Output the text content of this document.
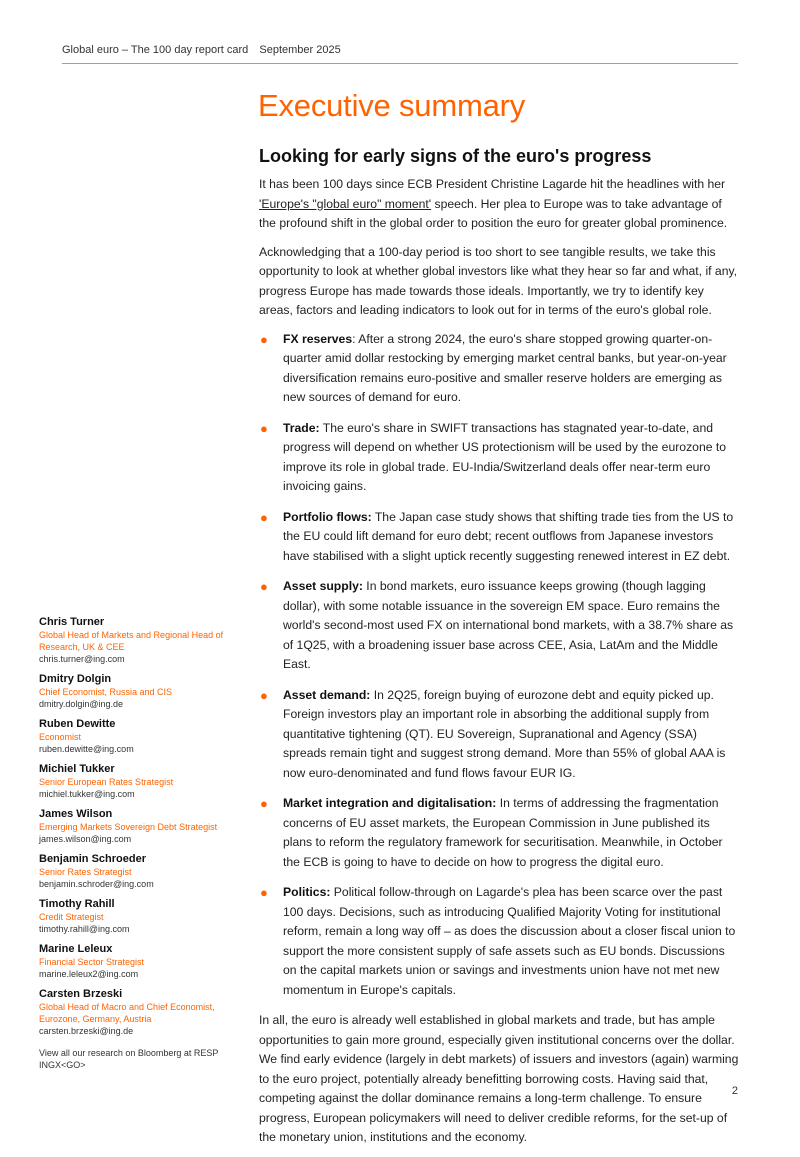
Global euro – The 100 day report card September 2025
Executive summary
Looking for early signs of the euro's progress

It has been 100 days since ECB President Christine Lagarde hit the headlines with her 'Europe's "global euro" moment' speech. Her plea to Europe was to take advantage of the profound shift in the global order to position the euro for greater global prominence.

Acknowledging that a 100-day period is too short to see tangible results, we take this opportunity to look at whether global investors like what they hear so far and what, if any, progress Europe has made towards those ideals. Importantly, we try to identify key areas, factors and leading indicators to look out for in terms of the euro's global role.

● FX reserves: After a strong 2024, the euro's share stopped growing quarter-on-quarter amid dollar restocking by emerging market central banks, but year-on-year diversification remains euro-positive and smaller reserve holders are emerging as new sources of demand for euro.
● Trade: The euro's share in SWIFT transactions has stagnated year-to-date, and progress will depend on whether US protectionism will be used by the eurozone to improve its role in global trade. EU-India/Switzerland deals offer near-term euro invoicing gains.
● Portfolio flows: The Japan case study shows that shifting trade ties from the US to the EU could lift demand for euro debt; recent outflows from Japanese investors have stabilised with a slight uptick recently suggesting renewed interest in EZ debt.
● Asset supply: In bond markets, euro issuance keeps growing (though lagging dollar), with some notable issuance in the sovereign EM space. Euro remains the world's second-most used FX on international bond markets, with a 38.7% share as of 1Q25, with a broadening issuer base across CEE, Asia, LatAm and the Middle East.
● Asset demand: In 2Q25, foreign buying of eurozone debt and equity picked up. Foreign investors play an important role in absorbing the additional supply from quantitative tightening (QT). EU Sovereign, Supranational and Agency (SSA) spreads remain tight and suggest strong demand. More than 55% of global AAA is now euro-denominated and fund flows favour EUR IG.
● Market integration and digitalisation: In terms of addressing the fragmentation concerns of EU asset markets, the European Commission in June published its plans to reform the regulatory framework for securitisation. Meanwhile, in October the ECB is going to have to decide on how to progress the digital euro.
● Politics: Political follow-through on Lagarde's plea has been scarce over the past 100 days. Decisions, such as introducing Qualified Majority Voting for institutional reform, remain a long way off – as does the discussion about a closer fiscal union to support the more consistent supply of safe assets such as EU bonds. Discussions on the capital markets union or savings and investments union have not met new momentum in Europe's capitals.

In all, the euro is already well established in global markets and trade, but has ample opportunities to gain more ground, especially given institutional concerns over the dollar. We find early evidence (largely in debt markets) of issuers and investors (again) warming to the euro project, potentially already benefitting borrowing costs. Having said that, competing against the dollar dominance remains a long-term challenge. To ensure progress, European policymakers will need to deliver credible reforms, for the set-up of the monetary union, institutions and the economy.

Chris Turner
Global Head of Markets and Regional Head of Research, UK & CEE
chris.turner@ing.com
Dmitry Dolgin
Chief Economist, Russia and CIS
dmitry.dolgin@ing.de
Ruben Dewitte
Economist
ruben.dewitte@ing.com
Michiel Tukker
Senior European Rates Strategist
michiel.tukker@ing.com
James Wilson
Emerging Markets Sovereign Debt Strategist
james.wilson@ing.com
Benjamin Schroeder
Senior Rates Strategist
benjamin.schroder@ing.com
Timothy Rahill
Credit Strategist
timothy.rahill@ing.com
Marine Leleux
Financial Sector Strategist
marine.leleux2@ing.com
Carsten Brzeski
Global Head of Macro and Chief Economist, Eurozone, Germany, Austria
carsten.brzeski@ing.de
View all our research on Bloomberg at RESP INGX<GO>
2
